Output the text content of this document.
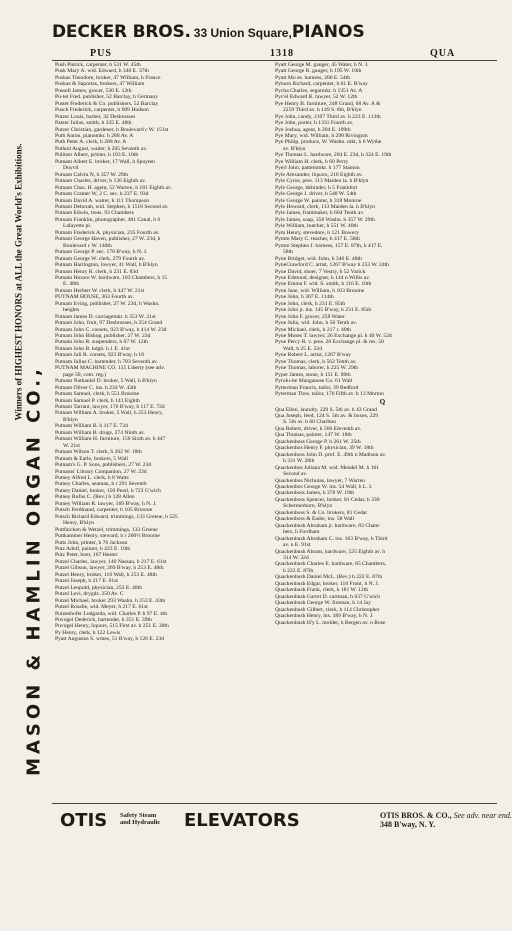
DECKER BROS. 33 Union Square,PIANOS
PUS	1318	QUA
MASON & HAMLIN ORGAN CO.,
Winners of HIGHEST HONORS at ALL the Great World's Exhibitions.
Push Patrick, carpenter, h 531 W. 45th
Pusk Mary A. wid. Edward, h 340 E. 37th
Puskas Theodore, broker, 47 William, h France
Puskas & Saportas, brokers, 47 William
Pussell James, grocer, 530 E. 12th
Pu-tet Fred. publisher, 52 Barclay, h Germany
Pustet Frederick & Co. publishers, 52 Barclay
Pusch Frederick, carpenter, h 609 Hudson
Putzer Louis, barber, 32 Desbrosses
Patzer Julius, smith, h 335 E. 48th
Putzer Christian, gardener, h Boulevard c W. 151st
Puth Anton, pianomkr. h 288 Av. A
Puth Peter A. clerk, h 288 Av. A
Puthod August, waiter, h 205 Seventh av.
Pulitzer Albert, printer, h 103 E. 10th
Putnam Albert E. broker, 17 Wall, h Spuyten
Duyvil
Putnam Calvin N, h 357 W. 29th
Putnam Charles, driver, h 136 Eighth av.
Putnam Chas. H. agent, 52 Warren, h 181 Eighth av.
Putnam Cramer W, 2 C. sec. h 237 E. 93d
Putnam David A. waiter, h 111 Thompson
Putnam Deborah, wid. Stephen, h 1518 Second av.
Putnam Edwin, treas. 93 Chambers
Putnam Franklin, photographer, 481 Canal, h 6
Lafayette pl.
Putnam Frederick A. physician, 235 Fourth av.
Putnam George Haven, publisher, 27 W. 23d, h
Boulevard c W. 140th
Putnam George P. sec. 170 B'way, h N. J.
Putnam George W. clerk, 279 Fourth av.
Putnam Harrington, lawyer, 41 Wall, h B'klyn
Putnam Henry R. clerk, h 231 E. 83d
Putnam Horace W. hardware, 103 Chambers, h 15
E. 48th
Putnam Herbert W. clerk, h 447 W. 21st
PUTNAM HOUSE, 363 Fourth av.
Putnam Irving, publisher, 27 W. 23d, h Washn.
heights
Putnam James D. carriagemkr. h 353 W. 21st
Putnam John, fruit, 97 Desbrosses, h 254 Grand
Putnam John C. corsets, 923 B'way, h 414 W. 23d
Putnam John Bishop, publisher, 27 W. 23d
Putnam John R. suspenders, h 67 W. 12th
Putnam John B. kdgh. h 1 E. 41st
Putnam Juli R. corsets, 923 B'way, h 18
Putnam Julius C. bartender, h 783 Seventh av.
PUTNAM MACHINE CO. 115 Liberty (see adv.
page 50, com. reg.)
Putnam Nathaniel D. broker, 5 Wall, h B'klyn
Putnam Oliver C. ins. h 234 W. 43th
Putnam Samuel, clerk, h 551 Broome
Putnam Samuel P. clerk, h 141 Eighth
Putnam Tarrant, lawyer, 176 B'way, h 117 E. 72d
Putnam William A. broker, 5 Wall, h 253 Henry,
B'klyn
Putnam William B. h 117 E. 72d
Putnam William B. drugs, 274 Ninth av.
Putnam William H. furniture, 156 Sixth av. h 447
W. 21st
Putnam Wilson T. clerk, h 262 W. 18th
Putnam & Earle, brokers, 5 Wall
Putnam's G. P. Sons, publishers, 27 W. 23d
Putnams' Library Companion, 27 W. 23d
Putney Alfred L. clerk, h 8 Watts
Putney Charles, seaman, h r 291 Seventh
Putney Daniel, broker, 158 Pearl, h 723 G'wich
Putney Rufus C. (Rev.) h 128 Allen
Putney William R. lawyer, 169 B'way, h N. J.
Putsch Ferdinand, carpenter, h 105 Broome
Putsch Richard Edward, trimmings, 133 Greene, h 525
Henry, B'klyn
Puttfarcken & Wetzel, trimmings, 133 Greene
Puttkammer Henry, steward, h r 260½ Broome
Putts John, printer, h 76 Jackson
Putz Adolf, painter, h 423 E. 10th
Putz Peter, boer, 167 Hester
Putzel Charles, lawyer, 140 Nassau, h 217 E. 61st
Putzel Gibson, lawyer, 269 B'way, h 253 E. 48th
Putzel Henry, broker, 116 Wall, h 253 E. 48th
Putzel Joseph, h 217 E. 61st
Putzel Leopold, physician, 253 E. 48th
Putzel Levi, drygds. 250 Av. C
Putzel Michael, broker 293 Washn. h 253 E. 43th
Putzel Rosalie, wid. Meyer, h 217 E. 61st
Putzenhofer Ludgarda, wid. Charles P. h 97 E. 4th
Puvogel Dederick, bartender, h 351 E. 39th
Puvogel Henry, liquors, 515 First av. h 251 E. 30th
Py Henry, clerk, h 122 Lewis
Pyatt Augustus S. wines, 51 B'way, h 120 E. 23d
Pyatt George M. ganger, 45 Water, h N. J.
Pyatt George R. gauger, h 195 W. 10th
Pyatt Mo es. harness, 200 E. 54th
Pyburn Richard, carpenter, h 61 E. B'way
Pycha Charles, segarmkr. h 1351 Av. A
Pyc'el Edward R. lawyer, 52 W. 12th
Pye Henry B. furniture, 248 Grand, 68 Av. A &
2259 Third av. h 149 S. 8th, B'klyn
Pye John, candy, 2107 Third av. h 223 E. 113th
Pye John, porter, h 1331 Fourth av.
Pye Joshua, agent, h 204 E. 109th
Pye Mary, wid. William, h 298 Rivington
Pye Philip, produce, W. Washn. mkt, h 6 Wythe
av. B'klyn
Pye Thomas L. hardware, 204 E. 23d, h 324 E. 19th
Pye William H. clerk, h 60 Perry
Pyerl John, patternmkr. h 177 Stanton
Pyle Alexander, liquors, 216 Eighth av.
Pyle Cyrus, pres. 113 Maiden la. h B'klyn
Pyle George, bkbinder, h 5 Frankfort
Pyle George J. driver, h 548 W. 54th
Pyle George W. painter, h 318 Monroe
Pyle Howard, clerk, 113 Maiden la. h B'klyn
Pyle James, frammaker, h 604 Tenth av.
Pyle James, soap, 350 Washn. h 357 W. 29th
Pyle William, butcher, h 551 W. 40th
Pym Henry, stevedore, h 121 Bowery
Pymm Mary C. teacher, h 417 E. 58th
Pymm Stephen J. harness, 157 E. 87th, h 417 E.
58th
Pyne Bridget, wid. John, h 346 E. 48th
PyneCrawford C. artist, 1267 B'way h 253 W. 24th
Pyne David, shoer, 7 Vestry, h 52 Varick
Pyne Edmund, designer, h 144 n Willis av.
Pyne Emma F. wid. S. smith, h 116 E. 10th
Pyne Jane, wid. William, h 103 Broome
Pyne John, h 307 E. 114th
Pyne John, clerk, h 231 E. 85th
Pyne John jr. ins. 145 B'way, h 231 E. 85th
Pyne John F. grocer, 258 Water
Pyne Julia, wid. John, h 56 Tenth av.
Pyne Michael, clerk, h 217 r. 40th
Pyne Moses T. lawyer, 26 Exchange pl. h 40 W. 52d
Pyne Percy R. v. pres. 26 Exchange pl. & res. 50
Wall, h 25 E. 22d
Pyne Robert L. artist, 1267 B'way
Pyne Thomas, clerk, h 562 Tenth av.
Pyne Thomas, laborer, h 225 W. 29th
Pyper James, stone, h 151 E. 89th
Pyrolu-lte Manganese Co. 61 Wall
Pytterman Francis, tailor, 39 Bedford
Pyterman Thos. tailor, 176 Fifth av. h 13 Morton
Q
Qua Ellen, laundry, 229 S. 5th av. h 43 Grand
Qua Joseph, feed, 124 S. 5th av. & boxes, 229
S. 5th av. h 60 Charlton
Qua Robert, driver, h 566 Eleventh av.
Qua Thomas, painter, 147 W. 18th
Quackenboss George P. h 261 W. 25th
Quackenbos Henry F. physician, 39 W. 18th
Quackenboss John D. prof. E. 49th n Madison av.
h 331 W. 28th
Quackenbos Juliana M. wid. Mendel M. h 161
Second av.
Quackenbos Nicholas, lawyer, 7 Warren
Quackenbos George W. ins. 54 Wall, h L. I.
Quackenboss James, h 378 W. 19th
Quackenboss Spencer, broker, 81 Cedar, h 330
Schermerhorn, B'klyn
Quackenboss S. & Co. brokers, 81 Cedar
Quackenboss & Eadie, ins. 58 Wall
Quackenbush Abraham jr. hardware, 83 Cham-
bers, h Fordham
Quackenbush Abraham C. ins. 163 B'way, h Third
av. n E. 91st
Quackenbush Abram, hardware, 525 Eighth av. h
314 W. 32d
Quackenbush Charles E. hardware, 85 Chambers,
h 222 E. 87th
Quackenbush Daniel McL. (Rev.) h 222 E. 87th
Quackenbush Edgar, broker, 110 Front, h N. J.
Quackenbush Frank, clerk, h 181 W. 12th
Quackenbush Garret D. cartman, h 637 G'wich
Quackenbush George W. fireman, h 14 Jay
Quackenbush Gilbert, clerk, h 114 Christopher
Quackenbush Henry, ins. 189 B'way, h N. J.
Quackenbush H'y L. molder, h Bergen av. n Rose
OTIS Safety Steam
and Hydraulic ELEVATORS	OTIS BROS. & CO., See adv. near end.
348 B'way, N. Y.
